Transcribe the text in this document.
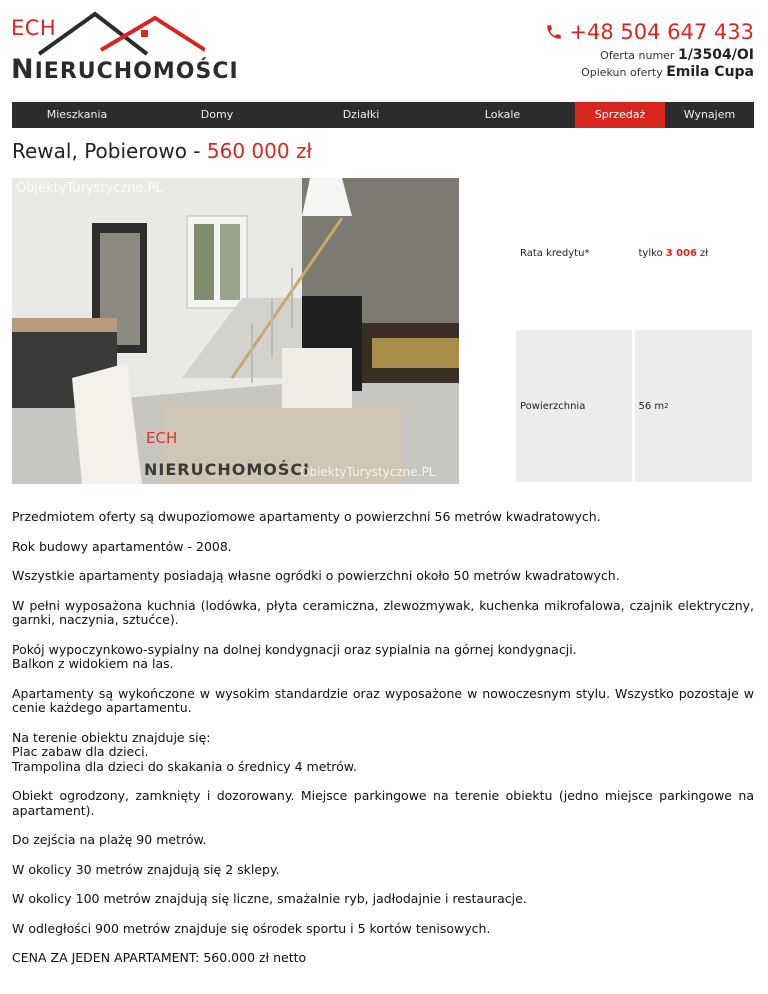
ECH
NIERUCHOMOŚCI
+48 504 647 433
Oferta numer 1/3504/OI
Opiekun oferty Emila Cupa
Mieszkania	Domy	Działki	Lokale	Sprzedaż	Wynajem
Rewal, Pobierowo - 560 000 zł
ObjektyTurystyczne.PL
ECH
NIERUCHOMOŚCI
ObiektyTurystyczne.PL
Rata kredytu*	tylko 3 006 zł
Powierzchnia	56 m 2

Przedmiotem oferty są dwupoziomowe apartamenty o powierzchni 56 metrów kwadratowych.

Rok budowy apartamentów - 2008.

Wszystkie apartamenty posiadają własne ogródki o powierzchni około 50 metrów kwadratowych.

W pełni wyposażona kuchnia (lodówka, płyta ceramiczna, zlewozmywak, kuchenka mikrofalowa, czajnik elektryczny, garnki, naczynia, sztućce).

Pokój wypoczynkowo-sypialny na dolnej kondygnacji oraz sypialnia na górnej kondygnacji.
Balkon z widokiem na las.

Apartamenty są wykończone w wysokim standardzie oraz wyposażone w nowoczesnym stylu. Wszystko pozostaje w cenie każdego apartamentu.

Na terenie obiektu znajduje się:
Plac zabaw dla dzieci.
Trampolina dla dzieci do skakania o średnicy 4 metrów.

Obiekt ogrodzony, zamknięty i dozorowany. Miejsce parkingowe na terenie obiektu (jedno miejsce parkingowe na apartament).

Do zejścia na plażę 90 metrów.

W okolicy 30 metrów znajdują się 2 sklepy.

W okolicy 100 metrów znajdują się liczne, smażalnie ryb, jadłodajnie i restauracje.

W odległości 900 metrów znajduje się ośrodek sportu i 5 kortów tenisowych.

CENA ZA JEDEN APARTAMENT: 560.000 zł netto
